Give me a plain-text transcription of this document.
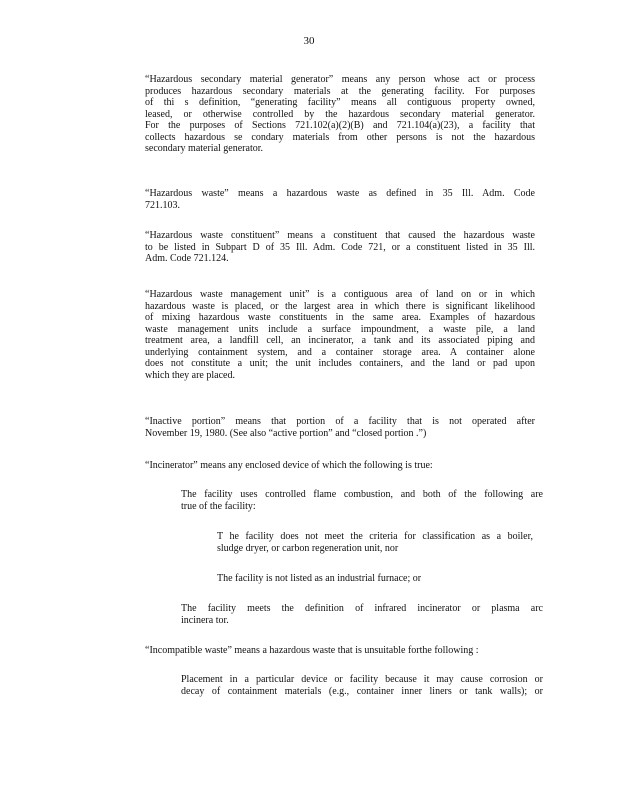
30

“Hazardous secondary material generator” means any person whose act or process
produces hazardous secondary materials at the generating facility. For purposes
of thi s definition, “generating facility” means all contiguous property owned,
leased, or otherwise controlled by the hazardous secondary material generator.
For the purposes of Sections 721.102(a)(2)(B) and 721.104(a)(23), a facility that
collects hazardous se condary materials from other persons is not the hazardous
secondary material generator.

“Hazardous waste” means a hazardous waste as defined in 35 Ill. Adm. Code
721.103.

“Hazardous waste constituent” means a constituent that caused the hazardous waste
to be listed in Subpart D of 35 Ill. Adm. Code 721, or a constituent listed in 35 Ill.
Adm. Code 721.124.

“Hazardous waste management unit” is a contiguous area of land on or in which
hazardous waste is placed, or the largest area in which there is significant likelihood
of mixing hazardous waste constituents in the same area. Examples of hazardous
waste management units include a surface impoundment, a waste pile, a land
treatment area, a landfill cell, an incinerator, a tank and its associated piping and
underlying containment system, and a container storage area. A container alone
does not constitute a unit; the unit includes containers, and the land or pad upon
which they are placed.

“Inactive portion” means that portion of a facility that is not operated after
November 19, 1980. (See also “active portion” and “closed portion .”)

“Incinerator” means any enclosed device of which the following is true:

The facility uses controlled flame combustion, and both of the following are
true of the facility:

T he facility does not meet the criteria for classification as a boiler,
sludge dryer, or carbon regeneration unit, nor

The facility is not listed as an industrial furnace; or

The facility meets the definition of infrared incinerator or plasma arc
incinera tor.

“Incompatible waste” means a hazardous waste that is unsuitable forthe following :

Placement in a particular device or facility because it may cause corrosion or
decay of containment materials (e.g., container inner liners or tank walls); or
